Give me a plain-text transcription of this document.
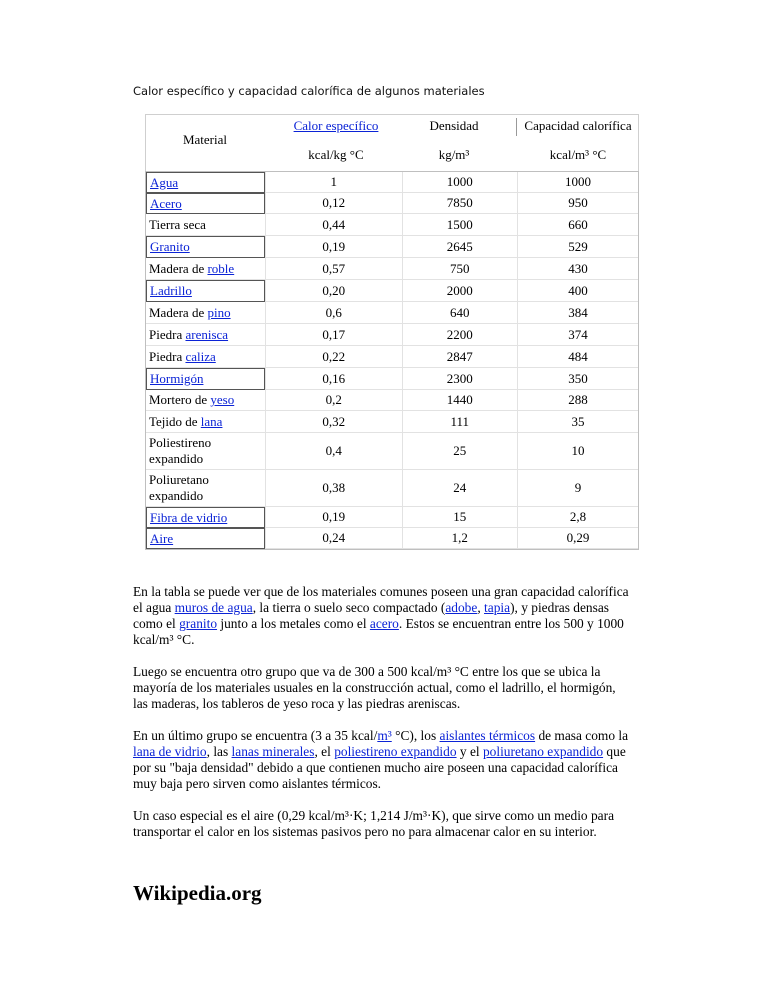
Calor específico y capacidad calorífica de algunos materiales
Material
Calor específico
kcal/kg °C
Densidad
kg/m³
Capacidad calorífica
kcal/m³ °C
Agua	1	1000	1000
Acero	0,12	7850	950
Tierra seca	0,44	1500	660
Granito	0,19	2645	529
Madera de roble	0,57	750	430
Ladrillo	0,20	2000	400
Madera de pino	0,6	640	384
Piedra arenisca	0,17	2200	374
Piedra caliza	0,22	2847	484
Hormigón	0,16	2300	350
Mortero de yeso	0,2	1440	288
Tejido de lana	0,32	111	35
Poliestireno expandido	0,4	25	10
Poliuretano expandido	0,38	24	9
Fibra de vidrio	0,19	15	2,8
Aire	0,24	1,2	0,29

En la tabla se puede ver que de los materiales comunes poseen una gran capacidad calorífica el agua muros de agua, la tierra o suelo seco compactado (adobe, tapia), y piedras densas como el granito junto a los metales como el acero. Estos se encuentran entre los 500 y 1000 kcal/m³ °C.

Luego se encuentra otro grupo que va de 300 a 500 kcal/m³ °C entre los que se ubica la mayoría de los materiales usuales en la construcción actual, como el ladrillo, el hormigón, las maderas, los tableros de yeso roca y las piedras areniscas.

En un último grupo se encuentra (3 a 35 kcal/m³ °C), los aislantes térmicos de masa como la lana de vidrio, las lanas minerales, el poliestireno expandido y el poliuretano expandido que por su "baja densidad" debido a que contienen mucho aire poseen una capacidad calorífica muy baja pero sirven como aislantes térmicos.

Un caso especial es el aire (0,29 kcal/m³·K; 1,214 J/m³·K), que sirve como un medio para transportar el calor en los sistemas pasivos pero no para almacenar calor en su interior.

Wikipedia.org
